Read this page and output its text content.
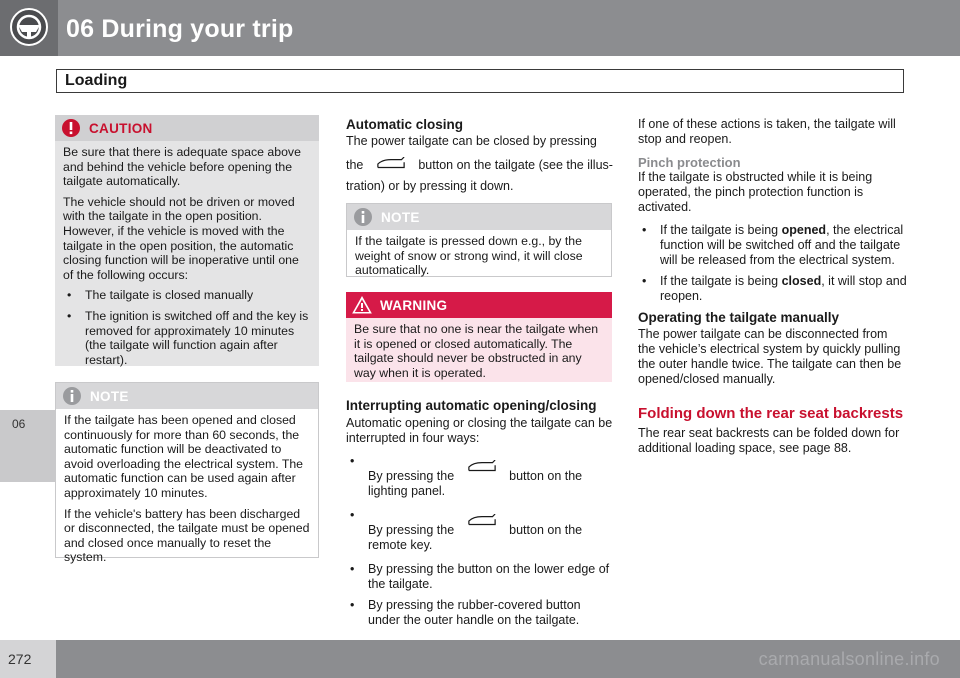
06 During your trip
Loading
06
CAUTION

Be sure that there is adequate space above and behind the vehicle before opening the tailgate automatically.

The vehicle should not be driven or moved with the tailgate in the open position. However, if the vehicle is moved with the tailgate in the open position, the automatic closing function will be inoperative until one of the following occurs:

• The tailgate is closed manually
• The ignition is switched off and the key is removed for approximately 10 minutes (the tailgate will function again after restart).
NOTE

If the tailgate has been opened and closed continuously for more than 60 seconds, the automatic function will be deactivated to avoid overloading the electrical system. The automatic function can be used again after approximately 10 minutes.

If the vehicle's battery has been discharged or disconnected, the tailgate must be opened and closed once manually to reset the system.

Automatic closing
The power tailgate can be closed by pressing
the	button on the tailgate (see the illus-
tration) or by pressing it down.
NOTE

If the tailgate is pressed down e.g., by the weight of snow or strong wind, it will close automatically.

WARNING

Be sure that no one is near the tailgate when it is opened or closed automatically. The tailgate should never be obstructed in any way when it is operated.

Interrupting automatic opening/closing
Automatic opening or closing the tailgate can be interrupted in four ways:
• By pressing the	button on the
lighting panel.
• By pressing the	button on the
remote key.
• By pressing the button on the lower edge of the tailgate.
• By pressing the rubber-covered button under the outer handle on the tailgate.

If one of these actions is taken, the tailgate will stop and reopen.

Pinch protection

If the tailgate is obstructed while it is being operated, the pinch protection function is activated.

• If the tailgate is being opened, the electrical function will be switched off and the tailgate will be released from the electrical system.
• If the tailgate is being closed, it will stop and reopen.
Operating the tailgate manually

The power tailgate can be disconnected from the vehicle’s electrical system by quickly pulling the outer handle twice. The tailgate can then be opened/closed manually.

Folding down the rear seat backrests

The rear seat backrests can be folded down for additional loading space, see page 88.

272	carmanualsonline.info
